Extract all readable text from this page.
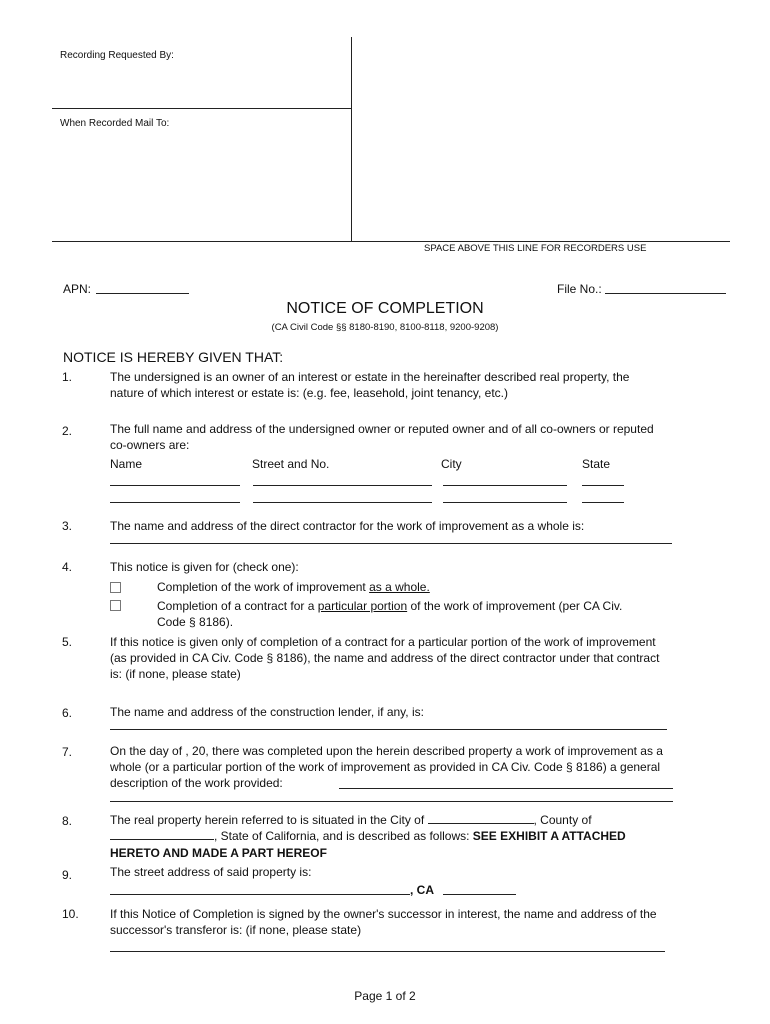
Recording Requested By:
When Recorded Mail To:
SPACE ABOVE THIS LINE FOR RECORDERS USE
APN:	File No.:
NOTICE OF COMPLETION
(CA Civil Code §§ 8180-8190, 8100-8118, 9200-9208)
NOTICE IS HEREBY GIVEN THAT:
1.	The undersigned is an owner of an interest or estate in the hereinafter described real property, the nature of which interest or estate is: (e.g. fee, leasehold, joint tenancy, etc.)
2.	The full name and address of the undersigned owner or reputed owner and of all co-owners or reputed co-owners are:
Name	Street and No.	City	State
3.	The name and address of the direct contractor for the work of improvement as a whole is:
4.	This notice is given for (check one):
Completion of the work of improvement as a whole.
Completion of a contract for a particular portion of the work of improvement (per CA Civ.
Code § 8186).
5.	If this notice is given only of completion of a contract for a particular portion of the work of improvement (as provided in CA Civ. Code § 8186), the name and address of the direct contractor under that contract is: (if none, please state)
6.	The name and address of the construction lender, if any, is:
7.	On the day of , 20, there was completed upon the herein described property a work of improvement as a whole (or a particular portion of the work of improvement as provided in CA Civ. Code § 8186) a general description of the work provided:
8.	The real property herein referred to is situated in the City of	, County of
, State of California, and is described as follows: SEE EXHIBIT A ATTACHED
HERETO AND MADE A PART HEREOF
9.	The street address of said property is:
, CA
10.	If this Notice of Completion is signed by the owner's successor in interest, the name and address of the successor's transferor is: (if none, please state)
Page 1 of 2
